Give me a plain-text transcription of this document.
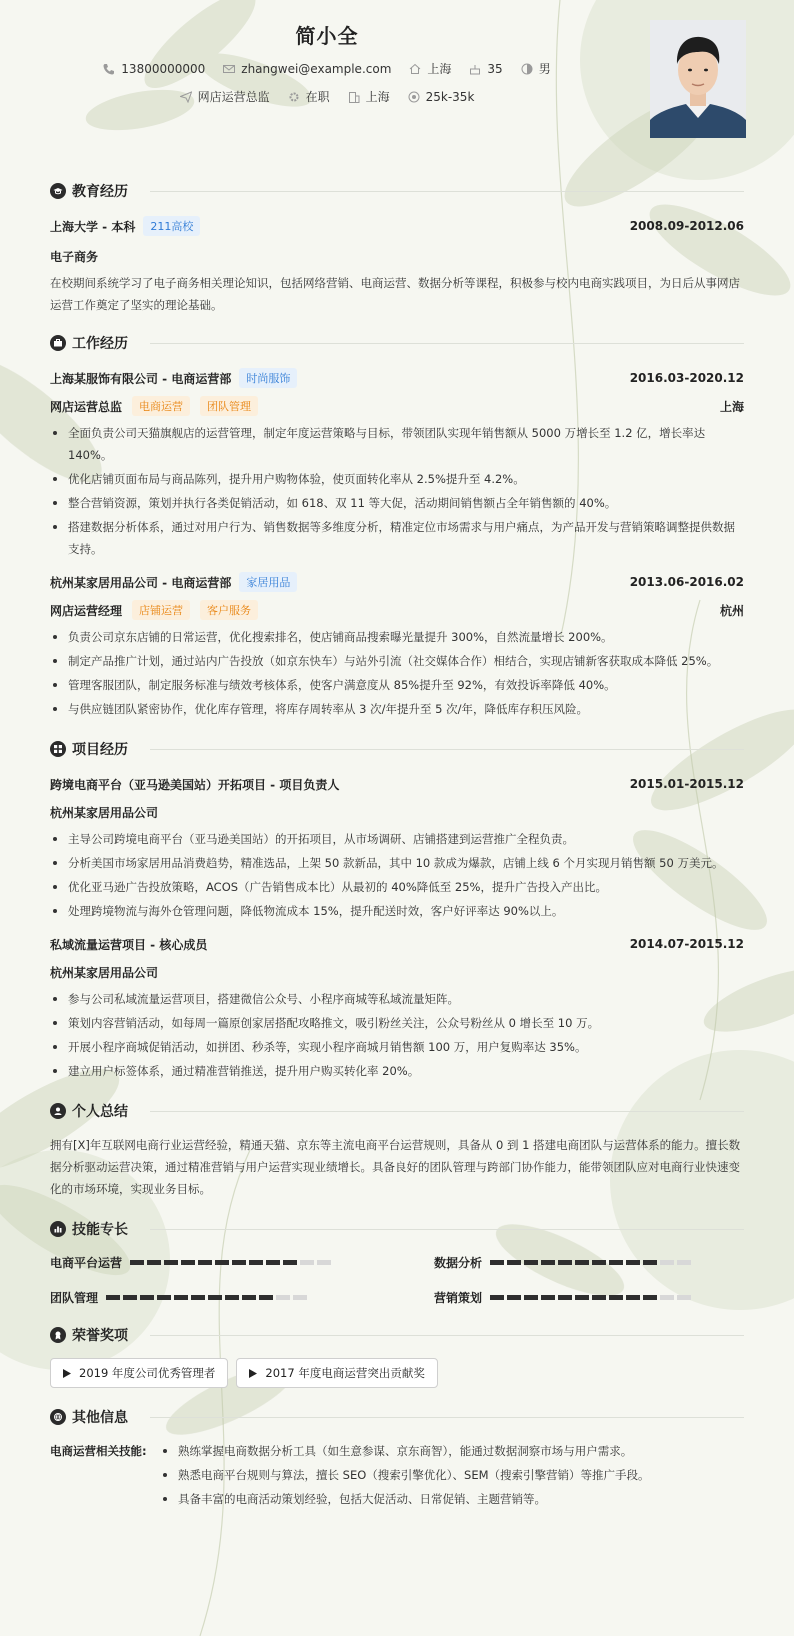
简小全
13800000000	zhangwei@example.com	上海	35	男
网店运营总监	在职	上海	25k-35k
教育经历
上海大学 - 本科	211高校	2008.09-2012.06
电子商务

在校期间系统学习了电子商务相关理论知识，包括网络营销、电商运营、数据分析等课程，积极参与校内电商实践项目，为日后从事网店运营工作奠定了坚实的理论基础。

工作经历
上海某服饰有限公司 - 电商运营部	时尚服饰	2016.03-2020.12
网店运营总监	电商运营	团队管理	上海
全面负责公司天猫旗舰店的运营管理，制定年度运营策略与目标，带领团队实现年销售额从 5000 万增长至 1.2 亿，增长率达 140%。
优化店铺页面布局与商品陈列，提升用户购物体验，使页面转化率从 2.5%提升至 4.2%。
整合营销资源，策划并执行各类促销活动，如 618、双 11 等大促，活动期间销售额占全年销售额的 40%。
搭建数据分析体系，通过对用户行为、销售数据等多维度分析，精准定位市场需求与用户痛点，为产品开发与营销策略调整提供数据支持。
杭州某家居用品公司 - 电商运营部	家居用品	2013.06-2016.02
网店运营经理	店铺运营	客户服务	杭州
负责公司京东店铺的日常运营，优化搜索排名，使店铺商品搜索曝光量提升 300%，自然流量增长 200%。
制定产品推广计划，通过站内广告投放（如京东快车）与站外引流（社交媒体合作）相结合，实现店铺新客获取成本降低 25%。
管理客服团队，制定服务标准与绩效考核体系，使客户满意度从 85%提升至 92%，有效投诉率降低 40%。
与供应链团队紧密协作，优化库存管理，将库存周转率从 3 次/年提升至 5 次/年，降低库存积压风险。
项目经历
跨境电商平台（亚马逊美国站）开拓项目 - 项目负责人	2015.01-2015.12
杭州某家居用品公司
主导公司跨境电商平台（亚马逊美国站）的开拓项目，从市场调研、店铺搭建到运营推广全程负责。
分析美国市场家居用品消费趋势，精准选品，上架 50 款新品，其中 10 款成为爆款，店铺上线 6 个月实现月销售额 50 万美元。
优化亚马逊广告投放策略，ACOS（广告销售成本比）从最初的 40%降低至 25%，提升广告投入产出比。
处理跨境物流与海外仓管理问题，降低物流成本 15%，提升配送时效，客户好评率达 90%以上。
私域流量运营项目 - 核心成员	2014.07-2015.12
杭州某家居用品公司
参与公司私域流量运营项目，搭建微信公众号、小程序商城等私域流量矩阵。
策划内容营销活动，如每周一篇原创家居搭配攻略推文，吸引粉丝关注，公众号粉丝从 0 增长至 10 万。
开展小程序商城促销活动，如拼团、秒杀等，实现小程序商城月销售额 100 万，用户复购率达 35%。
建立用户标签体系，通过精准营销推送，提升用户购买转化率 20%。
个人总结

拥有[X]年互联网电商行业运营经验，精通天猫、京东等主流电商平台运营规则，具备从 0 到 1 搭建电商团队与运营体系的能力。擅长数据分析驱动运营决策，通过精准营销与用户运营实现业绩增长。具备良好的团队管理与跨部门协作能力，能带领团队应对电商行业快速变化的市场环境，实现业务目标。

技能专长
电商平台运营	数据分析
团队管理	营销策划
荣誉奖项
2019 年度公司优秀管理者	2017 年度电商运营突出贡献奖
其他信息
电商运营相关技能:	熟练掌握电商数据分析工具（如生意参谋、京东商智），能通过数据洞察市场与用户需求。
熟悉电商平台规则与算法，擅长 SEO（搜索引擎优化）、SEM（搜索引擎营销）等推广手段。
具备丰富的电商活动策划经验，包括大促活动、日常促销、主题营销等。
